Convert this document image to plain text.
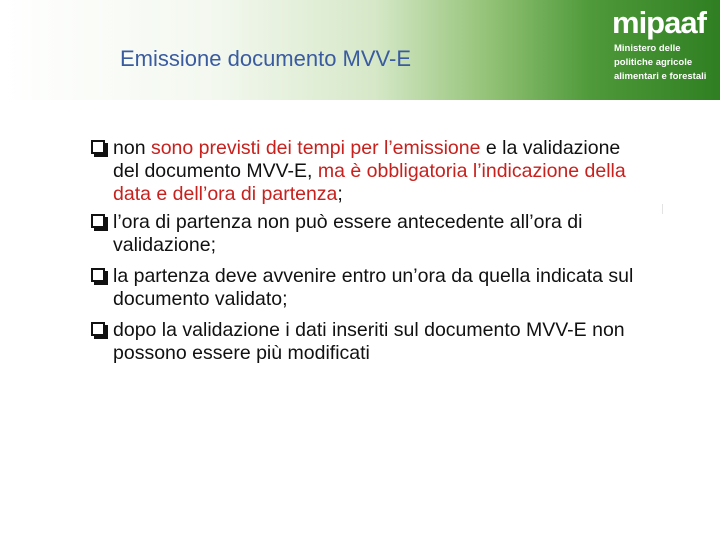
Emissione documento MVV-E
mipaaf
Ministero delle
politiche agricole
alimentari e forestali
non sono previsti dei tempi per l’emissione e la validazione del documento MVV-E, ma è obbligatoria l’indicazione della data e dell’ora di partenza;
l’ora di partenza non può essere antecedente all’ora di validazione;
la partenza deve avvenire entro un’ora da quella indicata sul documento validato;
dopo la validazione i dati inseriti sul documento MVV-E non possono essere più modificati
